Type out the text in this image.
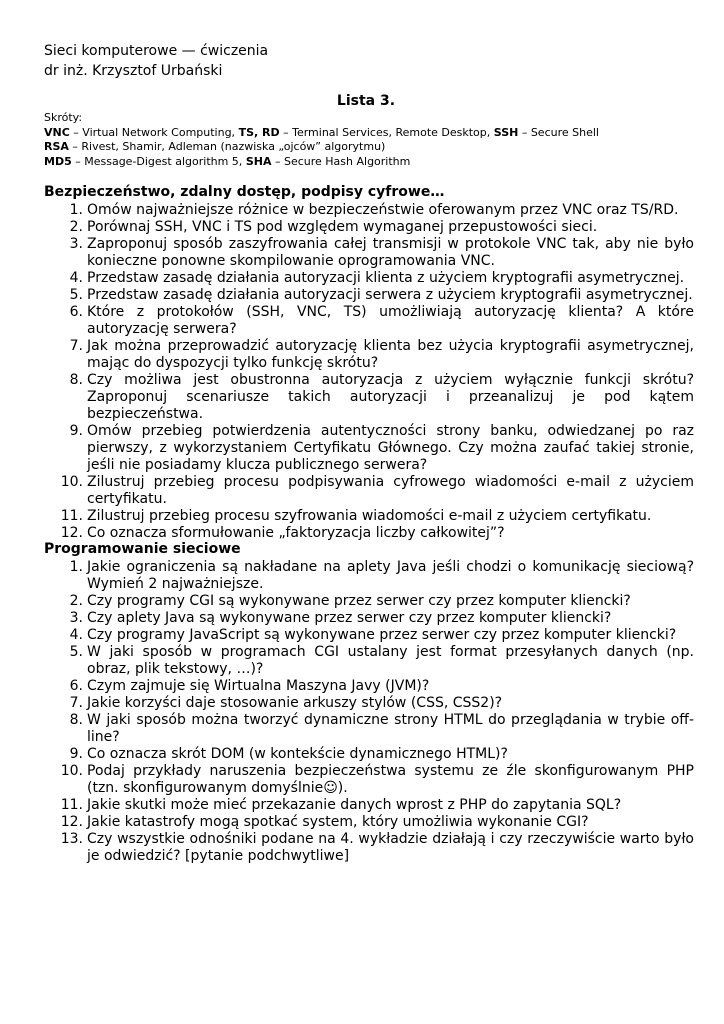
Sieci komputerowe — ćwiczenia
dr inż. Krzysztof Urbański
Lista 3.
Skróty:
VNC – Virtual Network Computing, TS, RD – Terminal Services, Remote Desktop, SSH – Secure Shell
RSA – Rivest, Shamir, Adleman (nazwiska „ojców” algorytmu)
MD5 – Message-Digest algorithm 5, SHA – Secure Hash Algorithm
Bezpieczeństwo, zdalny dostęp, podpisy cyfrowe…
1. Omów najważniejsze różnice w bezpieczeństwie oferowanym przez VNC oraz TS/RD.
2. Porównaj SSH, VNC i TS pod względem wymaganej przepustowości sieci.
3. Zaproponuj sposób zaszyfrowania całej transmisji w protokole VNC tak, aby nie było konieczne ponowne skompilowanie oprogramowania VNC.
4. Przedstaw zasadę działania autoryzacji klienta z użyciem kryptografii asymetrycznej.
5. Przedstaw zasadę działania autoryzacji serwera z użyciem kryptografii asymetrycznej.
6. Które z protokołów (SSH, VNC, TS) umożliwiają autoryzację klienta? A które autoryzację serwera?
7. Jak można przeprowadzić autoryzację klienta bez użycia kryptografii asymetrycznej, mając do dyspozycji tylko funkcję skrótu?
8. Czy możliwa jest obustronna autoryzacja z użyciem wyłącznie funkcji skrótu? Zaproponuj scenariusze takich autoryzacji i przeanalizuj je pod kątem bezpieczeństwa.
9. Omów przebieg potwierdzenia autentyczności strony banku, odwiedzanej po raz pierwszy, z wykorzystaniem Certyfikatu Głównego. Czy można zaufać takiej stronie, jeśli nie posiadamy klucza publicznego serwera?
10. Zilustruj przebieg procesu podpisywania cyfrowego wiadomości e-mail z użyciem certyfikatu.
11. Zilustruj przebieg procesu szyfrowania wiadomości e-mail z użyciem certyfikatu.
12. Co oznacza sformułowanie „faktoryzacja liczby całkowitej”?
Programowanie sieciowe
1. Jakie ograniczenia są nakładane na aplety Java jeśli chodzi o komunikację sieciową? Wymień 2 najważniejsze.
2. Czy programy CGI są wykonywane przez serwer czy przez komputer kliencki?
3. Czy aplety Java są wykonywane przez serwer czy przez komputer kliencki?
4. Czy programy JavaScript są wykonywane przez serwer czy przez komputer kliencki?
5. W jaki sposób w programach CGI ustalany jest format przesyłanych danych (np. obraz, plik tekstowy, …)?
6. Czym zajmuje się Wirtualna Maszyna Javy (JVM)?
7. Jakie korzyści daje stosowanie arkuszy stylów (CSS, CSS2)?
8. W jaki sposób można tworzyć dynamiczne strony HTML do przeglądania w trybie off-line?
9. Co oznacza skrót DOM (w kontekście dynamicznego HTML)?
10. Podaj przykłady naruszenia bezpieczeństwa systemu ze źle skonfigurowanym PHP (tzn. skonfigurowanym domyślnie☺).
11. Jakie skutki może mieć przekazanie danych wprost z PHP do zapytania SQL?
12. Jakie katastrofy mogą spotkać system, który umożliwia wykonanie CGI?
13. Czy wszystkie odnośniki podane na 4. wykładzie działają i czy rzeczywiście warto było je odwiedzić? [pytanie podchwytliwe]
